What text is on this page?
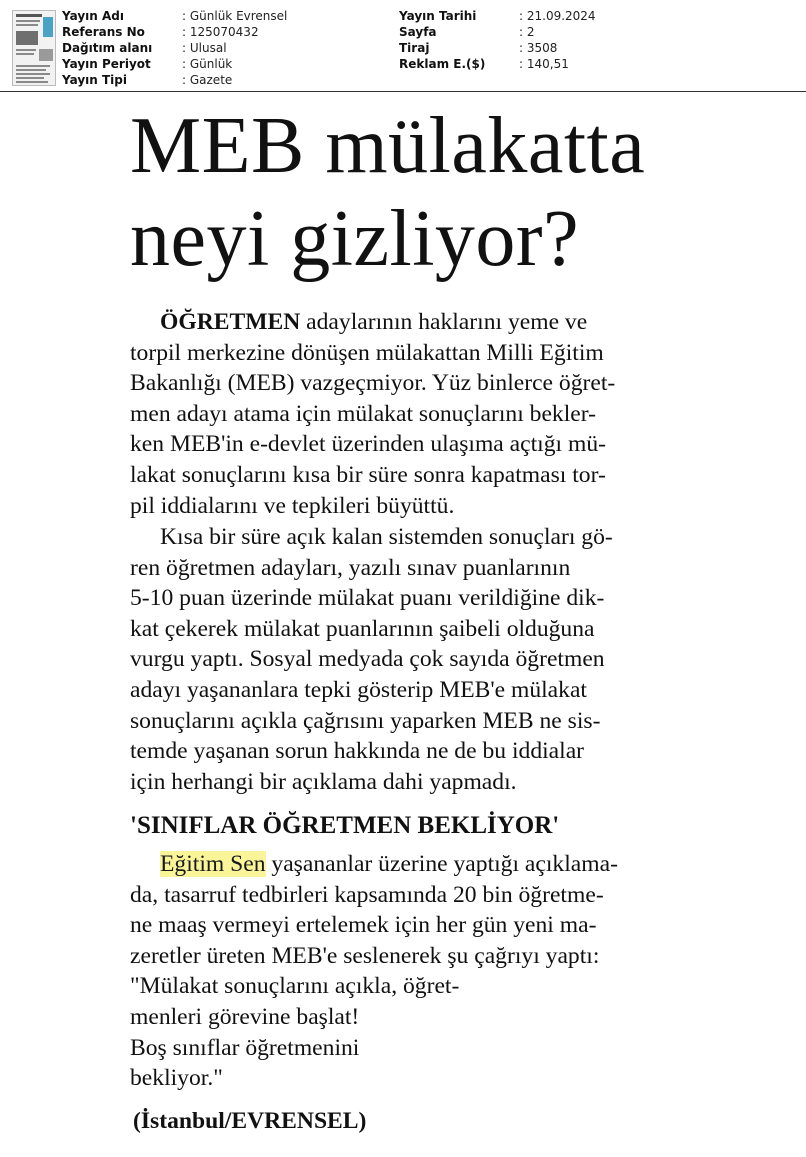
Yayın Adı	: Günlük Evrensel
Referans No	: 125070432
Dağıtım alanı	: Ulusal
Yayın Periyot	: Günlük
Yayın Tipi	: Gazete
Yayın Tarihi	: 21.09.2024
Sayfa	: 2
Tiraj	: 3508
Reklam E.($)	: 140,51
MEB mülakatta
neyi gizliyor?
ÖĞRETMEN adaylarının haklarını yeme ve
torpil merkezine dönüşen mülakattan Milli Eğitim
Bakanlığı (MEB) vazgeçmiyor. Yüz binlerce öğret-
men adayı atama için mülakat sonuçlarını bekler-
ken MEB'in e-devlet üzerinden ulaşıma açtığı mü-
lakat sonuçlarını kısa bir süre sonra kapatması tor-
pil iddialarını ve tepkileri büyüttü.
Kısa bir süre açık kalan sistemden sonuçları gö-
ren öğretmen adayları, yazılı sınav puanlarının
5-10 puan üzerinde mülakat puanı verildiğine dik-
kat çekerek mülakat puanlarının şaibeli olduğuna
vurgu yaptı. Sosyal medyada çok sayıda öğretmen
adayı yaşananlara tepki gösterip MEB'e mülakat
sonuçlarını açıkla çağrısını yaparken MEB ne sis-
temde yaşanan sorun hakkında ne de bu iddialar
için herhangi bir açıklama dahi yapmadı.
'SINIFLAR ÖĞRETMEN BEKLİYOR'
Eğitim Sen yaşananlar üzerine yaptığı açıklama-
da, tasarruf tedbirleri kapsamında 20 bin öğretme-
ne maaş vermeyi ertelemek için her gün yeni ma-
zeretler üreten MEB'e seslenerek şu çağrıyı yaptı:
"Mülakat sonuçlarını açıkla, öğret-
menleri görevine başlat!
Boş sınıflar öğretmenini
bekliyor."

(İstanbul/EVRENSEL)
